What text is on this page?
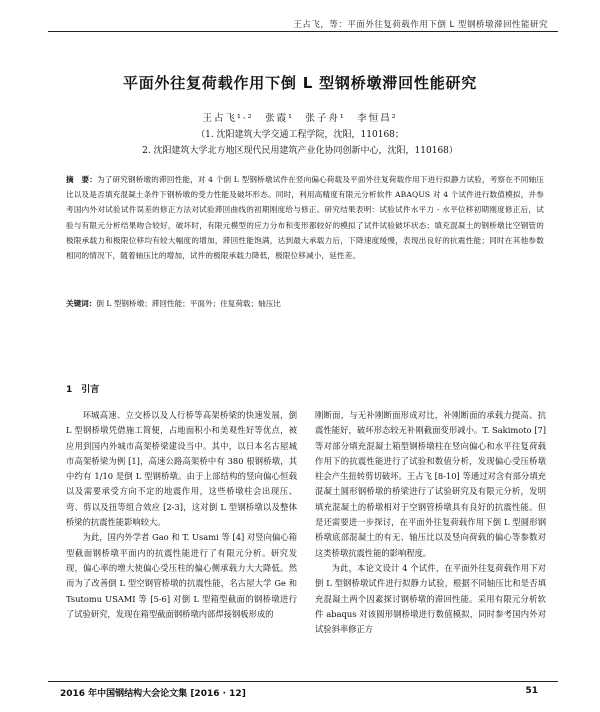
王占飞，等：平面外往复荷载作用下倒 L 型钢桥墩滞回性能研究
平面外往复荷载作用下倒 L 型钢桥墩滞回性能研究
王占飞¹·²　张霞¹　张子舟¹　李恒昌²
（1. 沈阳建筑大学交通工程学院，沈阳，110168；
2. 沈阳建筑大学北方地区现代民用建筑产业化协同创新中心，沈阳，110168）
摘　要：为了研究钢桥墩的滞回性能，对 4 个倒 L 型钢桥墩试件在竖向偏心荷载及平面外往复荷载作用下进行拟静力试验，考察在不同轴压比以及是否填充混凝土条件下钢桥墩的受力性能及破坏形态。同时，利用高精度有限元分析软件 ABAQUS 对 4 个试件进行数值模拟，并参考国内外对试验试件误差的修正方法对试验滞回曲线的初期刚度给与修正。研究结果表明：试验试件水平力 - 水平位移初期刚度修正后，试验与有限元分析结果吻合较好，破坏时，有限元模型的应力分布和变形都较好的模拟了试件试验破坏状态；填充混凝土的钢桥墩比空钢管的极限承载力和极限位移均有较大幅度的增加，滞回性能饱满，达到最大承载力后，下降速度缓慢，表现出良好的抗震性能；同时在其他参数相同的情况下，随着轴压比的增加，试件的极限承载力降低，极限位移减小，延性差。
关键词：倒 L 型钢桥墩；滞回性能；平面外；往复荷载；轴压比
1　引言

环城高速、立交桥以及人行桥等高架桥梁的快速发展，倒 L 型钢桥墩凭借施工简便，占地面积小和美观性好等优点，被应用到国内外城市高架桥梁建设当中。其中，以日本名古屋城市高架桥梁为例 [1]，高速公路高架桥中有 380 根钢桥墩，其中约有 1/10 是倒 L 型钢桥墩。由于上部结构的竖向偏心恒载以及需要承受方向不定的地震作用，这些桥墩柱会出现压、弯、剪以及扭等组合效应 [2-3]，这对倒 L 型钢桥墩以及整体桥梁的抗震性能影响较大。

为此，国内外学者 Gao 和 T. Usami 等 [4] 对竖向偏心箱型截面钢桥墩平面内的抗震性能进行了有限元分析。研究发现，偏心率的增大使偏心受压柱的偏心侧承载力大大降低。然而为了改善倒 L 型空钢管桥墩的抗震性能，名古屋大学 Ge 和 Tsutomu USAMI 等 [5-6] 对倒 L 型箱型截面的钢桥墩进行了试验研究，发现在箱型截面钢桥墩内部焊接钢板形成的

刚断面，与无补刚断面形成对比，补刚断面的承载力提高、抗震性能好，破坏形态较无补刚截面变形减小。T. Sakimoto [7] 等对部分填充混凝土箱型钢桥墩柱在竖向偏心和水平往复荷载作用下的抗震性能进行了试验和数值分析，发现偏心受压桥墩柱会产生扭转剪切破坏。王占飞 [8-10] 等通过对含有部分填充混凝土圆形钢桥墩的桥梁进行了试验研究及有限元分析，发明填充混凝土的桥墩相对于空钢管桥墩具有良好的抗震性能。但是还需要进一步探讨，在平面外往复荷载作用下倒 L 型圆形钢桥墩底部混凝土的有无、轴压比以及竖向荷载的偏心等参数对这类桥墩抗震性能的影响程度。

为此，本论文设计 4 个试件，在平面外往复荷载作用下对倒 L 型钢桥墩试件进行拟静力试验，根据不同轴压比和是否填充混凝土两个因素探讨钢桥墩的滞回性能。采用有限元分析软件 abaqus 对该圆形钢桥墩进行数值模拟，同时参考国内外对试验斜率修正方

2016 年中国钢结构大会论文集 [2016 · 12]	51
